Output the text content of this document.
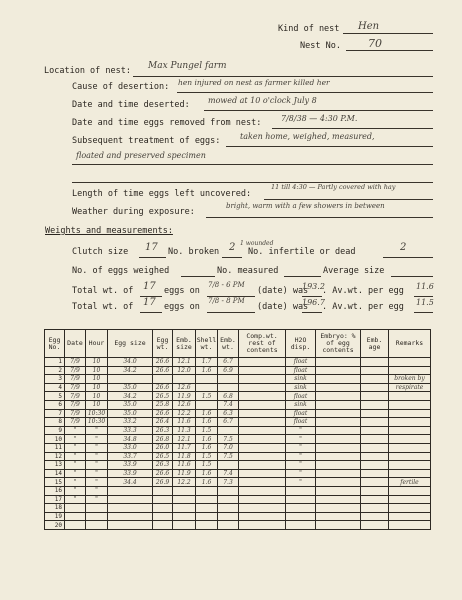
Kind of nest Hen
Nest No. 70
Location of nest: Max Pungel farm
Cause of desertion: hen injured on nest as farmer killed her
Date and time deserted: mowed at 10 o'clock July 8
Date and time eggs removed from nest: 7/8/38 — 4:30 P.M.
Subsequent treatment of eggs: taken home, weighed, measured,
floated and preserved specimen
Length of time eggs left uncovered:
11 till 4:30 — Partly covered with hay
Weather during exposure:
bright, warm with a few showers in between
Weights and measurements:
Clutch size 17 No. broken 2 1 wounded
No. infertile or dead	2
No. of eggs weighed	No. measured	Average size
Total wt. of 17 eggs on
7/8 - 6 PM
(date) was
193.2
. Av.wt. per egg 11.6
Total wt. of 17 eggs on
7/8 - 8 PM
(date) was
196.7
. Av.wt. per egg 11.5
Egg No.	Date	Hour	Egg size	Egg wt.	Emb. size	Shell wt.	Emb. wt.	Comp.wt. rest of contents	H2O disp.	Embryo: % of egg contents	Emb. age	Remarks
1	7/9	10	34.0	26.6	12.1	1.7	6.7		float			
2	7/9	10	34.2	26.6	12.0	1.6	6.9		float			
3	7/9	10							sink			broken by
4	7/9	10	35.0	26.6	12.6				sink			respirate
5	7/9	10	34.2	26.5	11.9	1.5	6.8		float			
6	7/9	10	35.0	25.8	12.6		7.4		sink			
7	7/9	10:30	35.0	26.6	12.2	1.6	6.3		float			
8	7/9	10:30	33.2	26.4	11.6	1.6	6.7		float			
9	"	"	33.3	26.3	11.3	1.5			"			
10	"	"	34.8	26.8	12.1	1.6	7.5		"			
11	"	"	33.0	26.0	11.7	1.6	7.0		"			
12	"	"	33.7	26.5	11.8	1.5	7.5		"			
13	"	"	33.9	26.3	11.6	1.5			"			
14	"	"	33.9	26.6	11.9	1.6	7.4		"			
15	"	"	34.4	26.9	12.2	1.6	7.3		"			fertile
16	"	"										
17	"	"										
18												
19												
20												
